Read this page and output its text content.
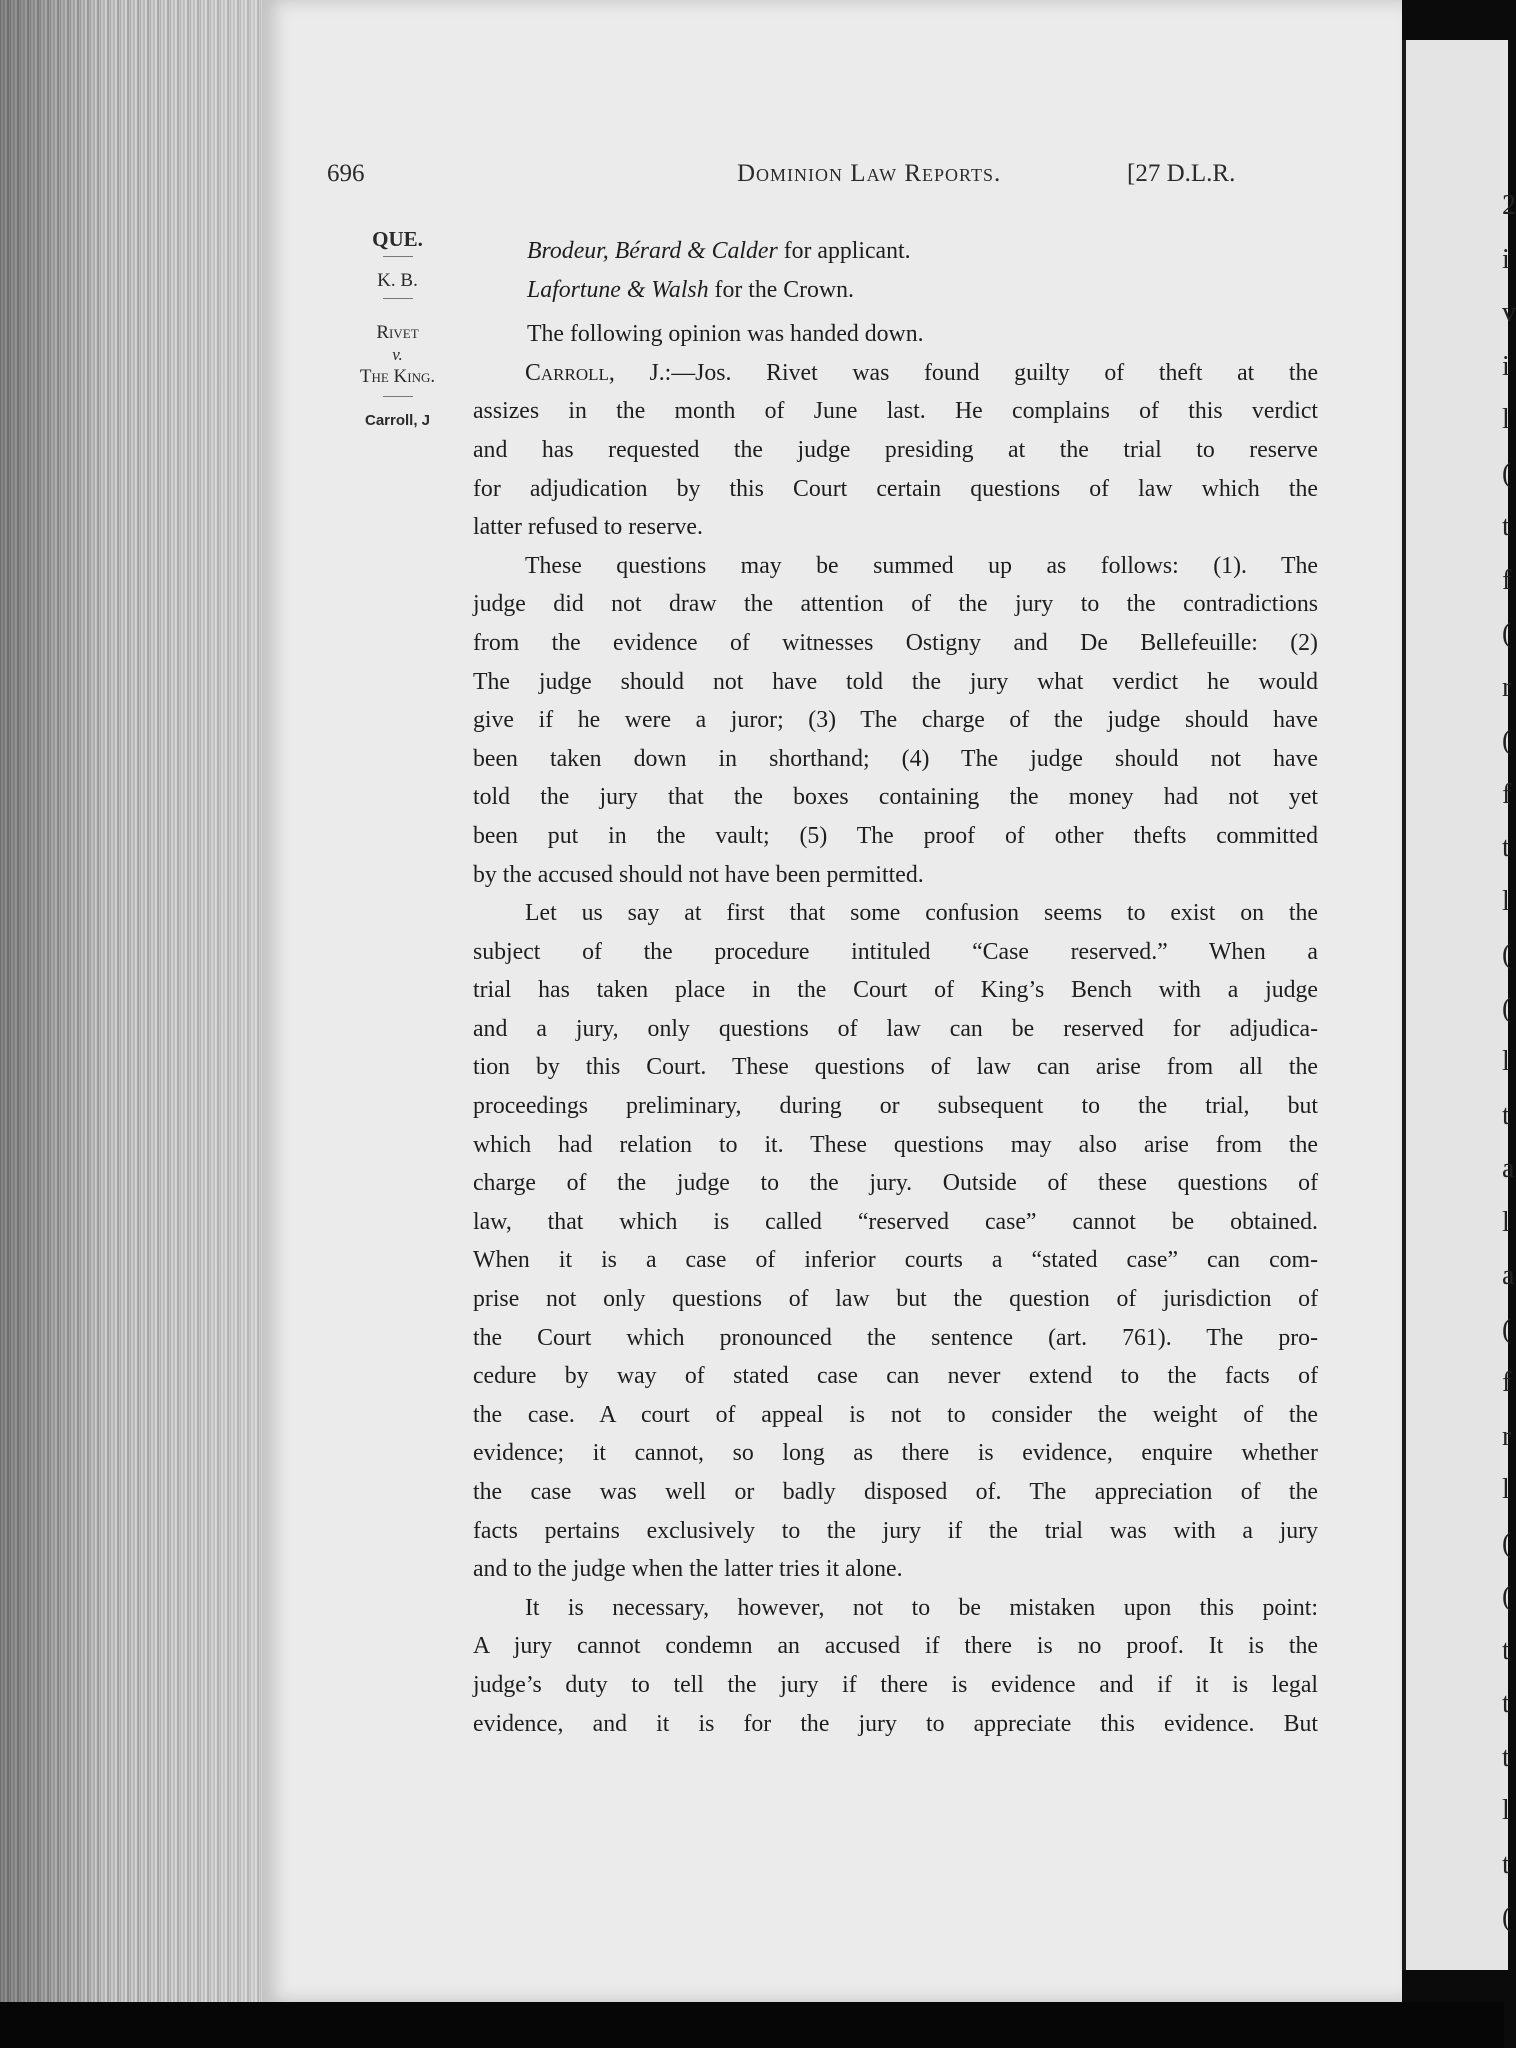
2
i
v
i
l
(
t
f
(
r
(
f
t
l
(
(
l
t
a
l
a
(
f
r
l
(
(
t
t
t
l
t
(
696	Dominion Law Reports.	[27 D.L.R.
QUE.
K. B.
Rivet
v.
The King.
Carroll, J
Brodeur, Bérard & Calder for applicant.
Lafortune & Walsh for the Crown.
The following opinion was handed down.
Carroll, J.:—Jos. Rivet was found guilty of theft at the
assizes in the month of June last. He complains of this verdict
and has requested the judge presiding at the trial to reserve
for adjudication by this Court certain questions of law which the
latter refused to reserve.
These questions may be summed up as follows: (1). The
judge did not draw the attention of the jury to the contradictions
from the evidence of witnesses Ostigny and De Bellefeuille: (2)
The judge should not have told the jury what verdict he would
give if he were a juror; (3) The charge of the judge should have
been taken down in shorthand; (4) The judge should not have
told the jury that the boxes containing the money had not yet
been put in the vault; (5) The proof of other thefts committed
by the accused should not have been permitted.
Let us say at first that some confusion seems to exist on the
subject of the procedure intituled “Case reserved.” When a
trial has taken place in the Court of King’s Bench with a judge
and a jury, only questions of law can be reserved for adjudica-
tion by this Court. These questions of law can arise from all the
proceedings preliminary, during or subsequent to the trial, but
which had relation to it. These questions may also arise from the
charge of the judge to the jury. Outside of these questions of
law, that which is called “reserved case” cannot be obtained.
When it is a case of inferior courts a “stated case” can com-
prise not only questions of law but the question of jurisdiction of
the Court which pronounced the sentence (art. 761). The pro-
cedure by way of stated case can never extend to the facts of
the case. A court of appeal is not to consider the weight of the
evidence; it cannot, so long as there is evidence, enquire whether
the case was well or badly disposed of. The appreciation of the
facts pertains exclusively to the jury if the trial was with a jury
and to the judge when the latter tries it alone.
It is necessary, however, not to be mistaken upon this point:
A jury cannot condemn an accused if there is no proof. It is the
judge’s duty to tell the jury if there is evidence and if it is legal
evidence, and it is for the jury to appreciate this evidence. But
